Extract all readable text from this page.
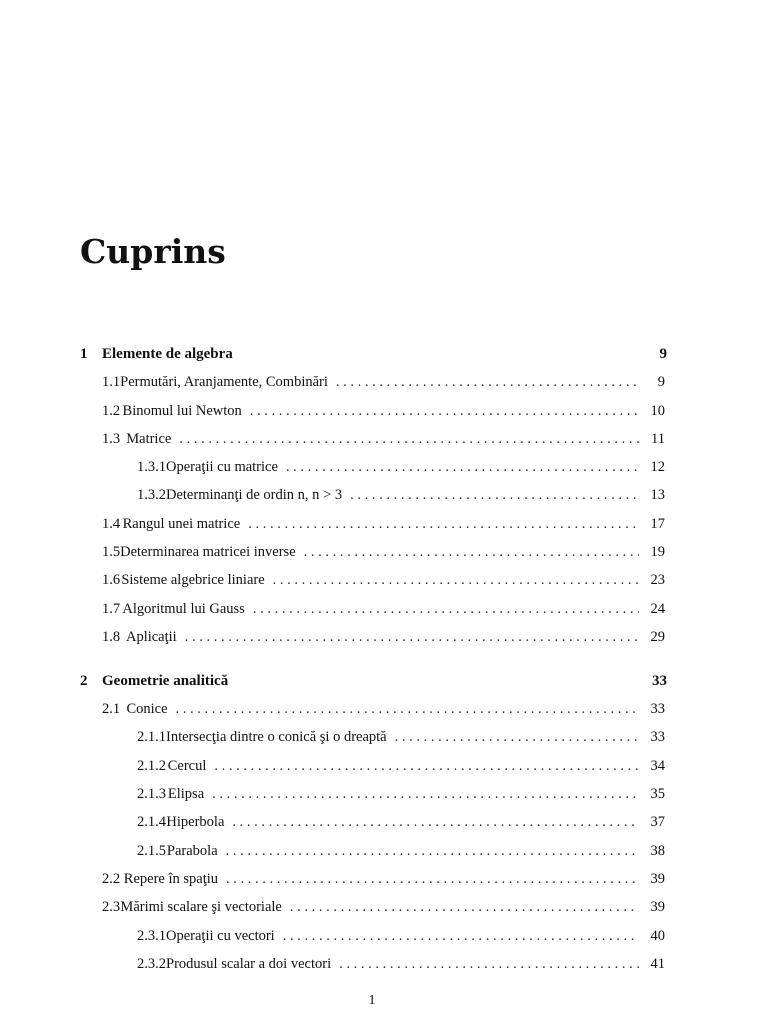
Cuprins
1 Elemente de algebra	9
1.1 Permutări, Aranjamente, Combinări . . .	9
1.2 Binomul lui Newton . . .	10
1.3 Matrice . . .	11
1.3.1 Operaţii cu matrice . . .	12
1.3.2 Determinanţi de ordin n, n > 3 . . .	13
1.4 Rangul unei matrice . . .	17
1.5 Determinarea matricei inverse . . .	19
1.6 Sisteme algebrice liniare . . .	23
1.7 Algoritmul lui Gauss . . .	24
1.8 Aplicaţii . . .	29
2 Geometrie analitică	33
2.1 Conice . . .	33
2.1.1 Intersecţia dintre o conică şi o dreaptă . . .	33
2.1.2 Cercul . . .	34
2.1.3 Elipsa . . .	35
2.1.4 Hiperbola . . .	37
2.1.5 Parabola . . .	38
2.2 Repere în spaţiu . . .	39
2.3 Mărimi scalare şi vectoriale . . .	39
2.3.1 Operaţii cu vectori . . .	40
2.3.2 Produsul scalar a doi vectori . . .	41
1
